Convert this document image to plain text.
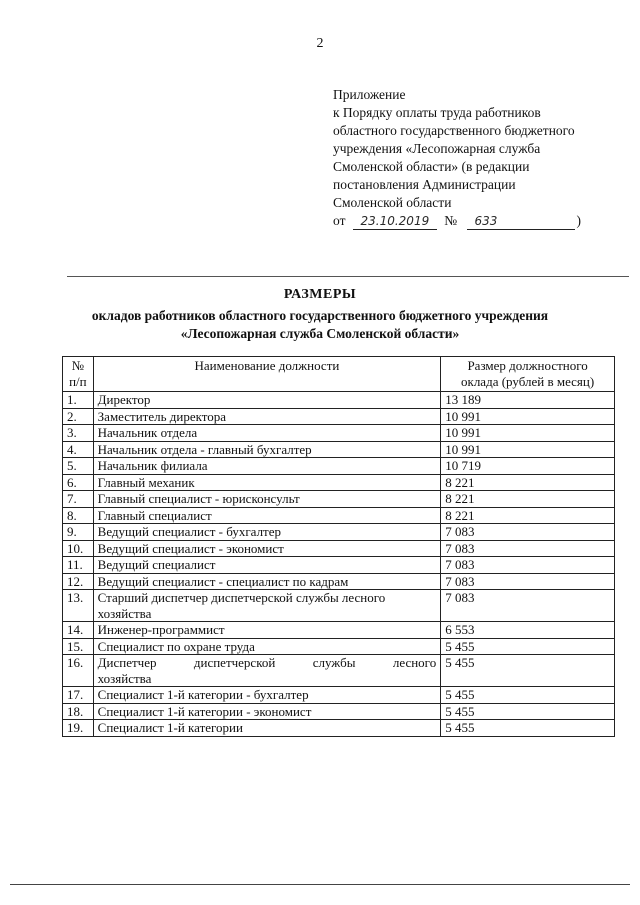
2
Приложение
к Порядку оплаты труда работников
областного государственного бюджетного
учреждения «Лесопожарная служба
Смоленской области» (в редакции
постановления Администрации
Смоленской области
от 23.10.2019 № 633	)
РАЗМЕРЫ
окладов работников областного государственного бюджетного учреждения
«Лесопожарная служба Смоленской области»
№
п/п	Наименование должности	Размер должностного
оклада (рублей в месяц)
1.	Директор	13 189
2.	Заместитель директора	10 991
3.	Начальник отдела	10 991
4.	Начальник отдела - главный бухгалтер	10 991
5.	Начальник филиала	10 719
6.	Главный механик	8 221
7.	Главный специалист - юрисконсульт	8 221
8.	Главный специалист	8 221
9.	Ведущий специалист - бухгалтер	7 083
10.	Ведущий специалист - экономист	7 083
11.	Ведущий специалист	7 083
12.	Ведущий специалист - специалист по кадрам	7 083
13.	Старший диспетчер диспетчерской службы лесного
хозяйства	7 083
14.	Инженер-программист	6 553
15.	Специалист по охране труда	5 455
16.	Диспетчер диспетчерской службы лесного
хозяйства	5 455
17.	Специалист 1-й категории - бухгалтер	5 455
18.	Специалист 1-й категории - экономист	5 455
19.	Специалист 1-й категории	5 455
